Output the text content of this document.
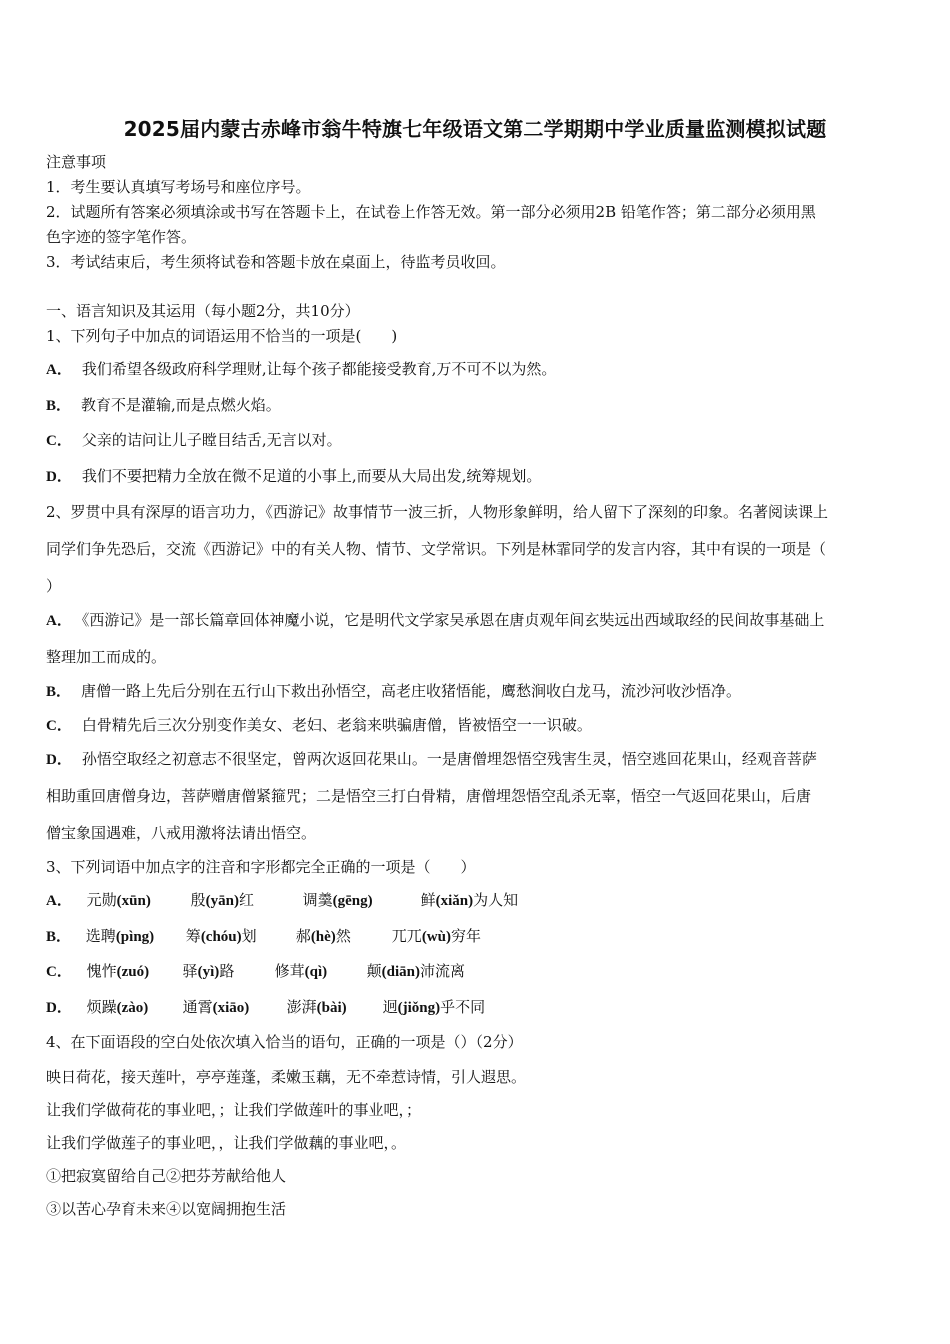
2025届内蒙古赤峰市翁牛特旗七年级语文第二学期期中学业质量监测模拟试题
注意事项
1．考生要认真填写考场号和座位序号。
2．试题所有答案必须填涂或书写在答题卡上，在试卷上作答无效。第一部分必须用2B 铅笔作答；第二部分必须用黑
色字迹的签字笔作答。
3．考试结束后，考生须将试卷和答题卡放在桌面上，待监考员收回。
一、语言知识及其运用（每小题2分，共10分）
1、下列句子中加点的词语运用不恰当的一项是(　　)
A． 我们希望各级政府科学理财,让每个孩子都能接受教育,万不可不以为然。
B． 教育不是灌输,而是点燃火焰。
C． 父亲的诘问让儿子瞠目结舌,无言以对。
D． 我们不要把精力全放在微不足道的小事上,而要从大局出发,统筹规划。
2、罗贯中具有深厚的语言功力，《西游记》故事情节一波三折，人物形象鲜明，给人留下了深刻的印象。名著阅读课上
同学们争先恐后，交流《西游记》中的有关人物、情节、文学常识。下列是林霏同学的发言内容，其中有误的一项是（
）
A． 《西游记》是一部长篇章回体神魔小说，它是明代文学家吴承恩在唐贞观年间玄奘远出西域取经的民间故事基础上
整理加工而成的。
B． 唐僧一路上先后分别在五行山下救出孙悟空，高老庄收猪悟能，鹰愁涧收白龙马，流沙河收沙悟净。
C． 白骨精先后三次分别变作美女、老妇、老翁来哄骗唐僧，皆被悟空一一识破。
D． 孙悟空取经之初意志不很坚定，曾两次返回花果山。一是唐僧埋怨悟空残害生灵，悟空逃回花果山，经观音菩萨
相助重回唐僧身边，菩萨赠唐僧紧箍咒；二是悟空三打白骨精，唐僧埋怨悟空乱杀无辜，悟空一气返回花果山，后唐
僧宝象国遇难，八戒用激将法请出悟空。
3、下列词语中加点字的注音和字形都完全正确的一项是（　　）
A． 元勋(xūn)	殷(yān)红	调羹(gēng)	鲜(xiǎn)为人知
B． 选聘(pìng) 筹(chóu)划	郝(hè)然	兀兀(wù)穷年
C． 愧怍(zuó) 驿(yì)路	修茸(qì)	颠(diān)沛流离
D． 烦躁(zào) 通霄(xiāo) 澎湃(bài) 迥(jiǒng)乎不同
4、在下面语段的空白处依次填入恰当的语句，正确的一项是（）（2分）
映日荷花，接天莲叶，亭亭莲蓬，柔嫩玉藕，无不牵惹诗情，引人遐思。
让我们学做荷花的事业吧，；让我们学做莲叶的事业吧，；
让我们学做莲子的事业吧，，让我们学做藕的事业吧，。
①把寂寞留给自己②把芬芳献给他人
③以苦心孕育未来④以宽阔拥抱生活
